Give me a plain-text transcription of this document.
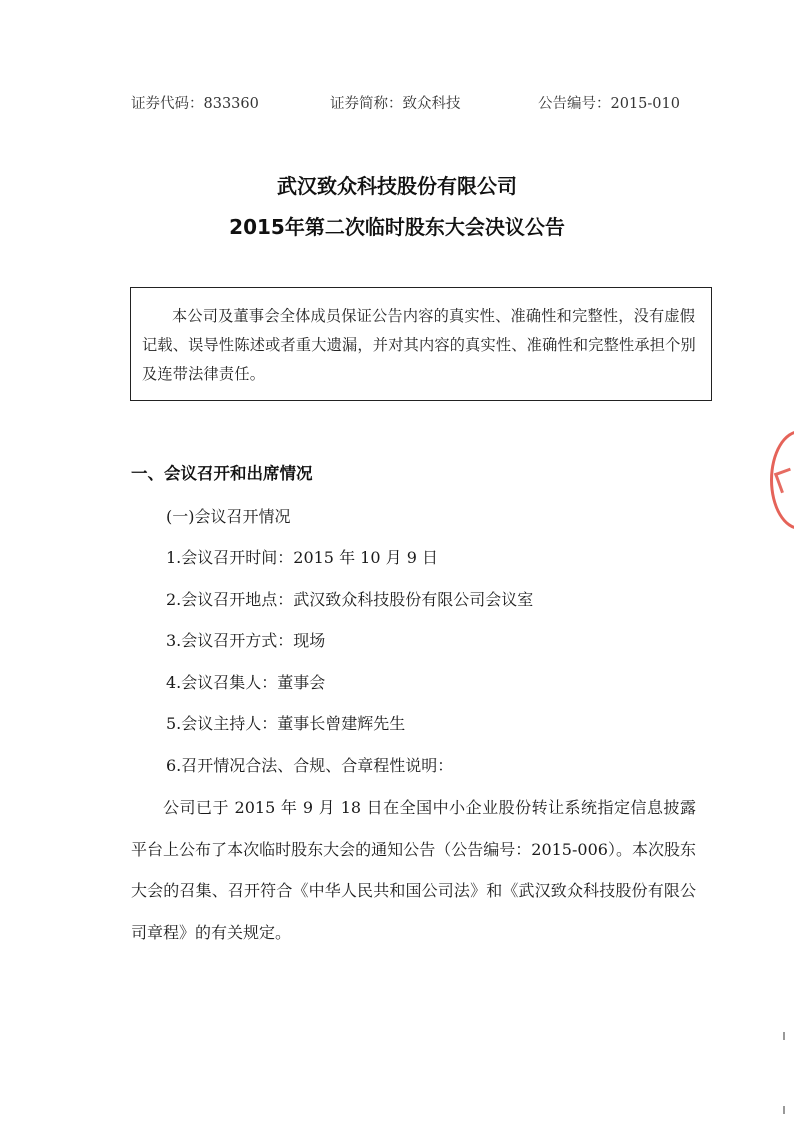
证券代码：833360	证券简称：致众科技	公告编号：2015-010
武汉致众科技股份有限公司
2015年第二次临时股东大会决议公告
本公司及董事会全体成员保证公告内容的真实性、准确性和完整性，没有虚假记载、误导性陈述或者重大遗漏，并对其内容的真实性、准确性和完整性承担个别及连带法律责任。
一、会议召开和出席情况
(一)会议召开情况
1.会议召开时间：2015 年 10 月 9 日
2.会议召开地点：武汉致众科技股份有限公司会议室
3.会议召开方式：现场
4.会议召集人：董事会
5.会议主持人：董事长曾建辉先生
6.召开情况合法、合规、合章程性说明：
公司已于 2015 年 9 月 18 日在全国中小企业股份转让系统指定信息披露平台上公布了本次临时股东大会的通知公告（公告编号：2015-006）。本次股东大会的召集、召开符合《中华人民共和国公司法》和《武汉致众科技股份有限公司章程》的有关规定。
